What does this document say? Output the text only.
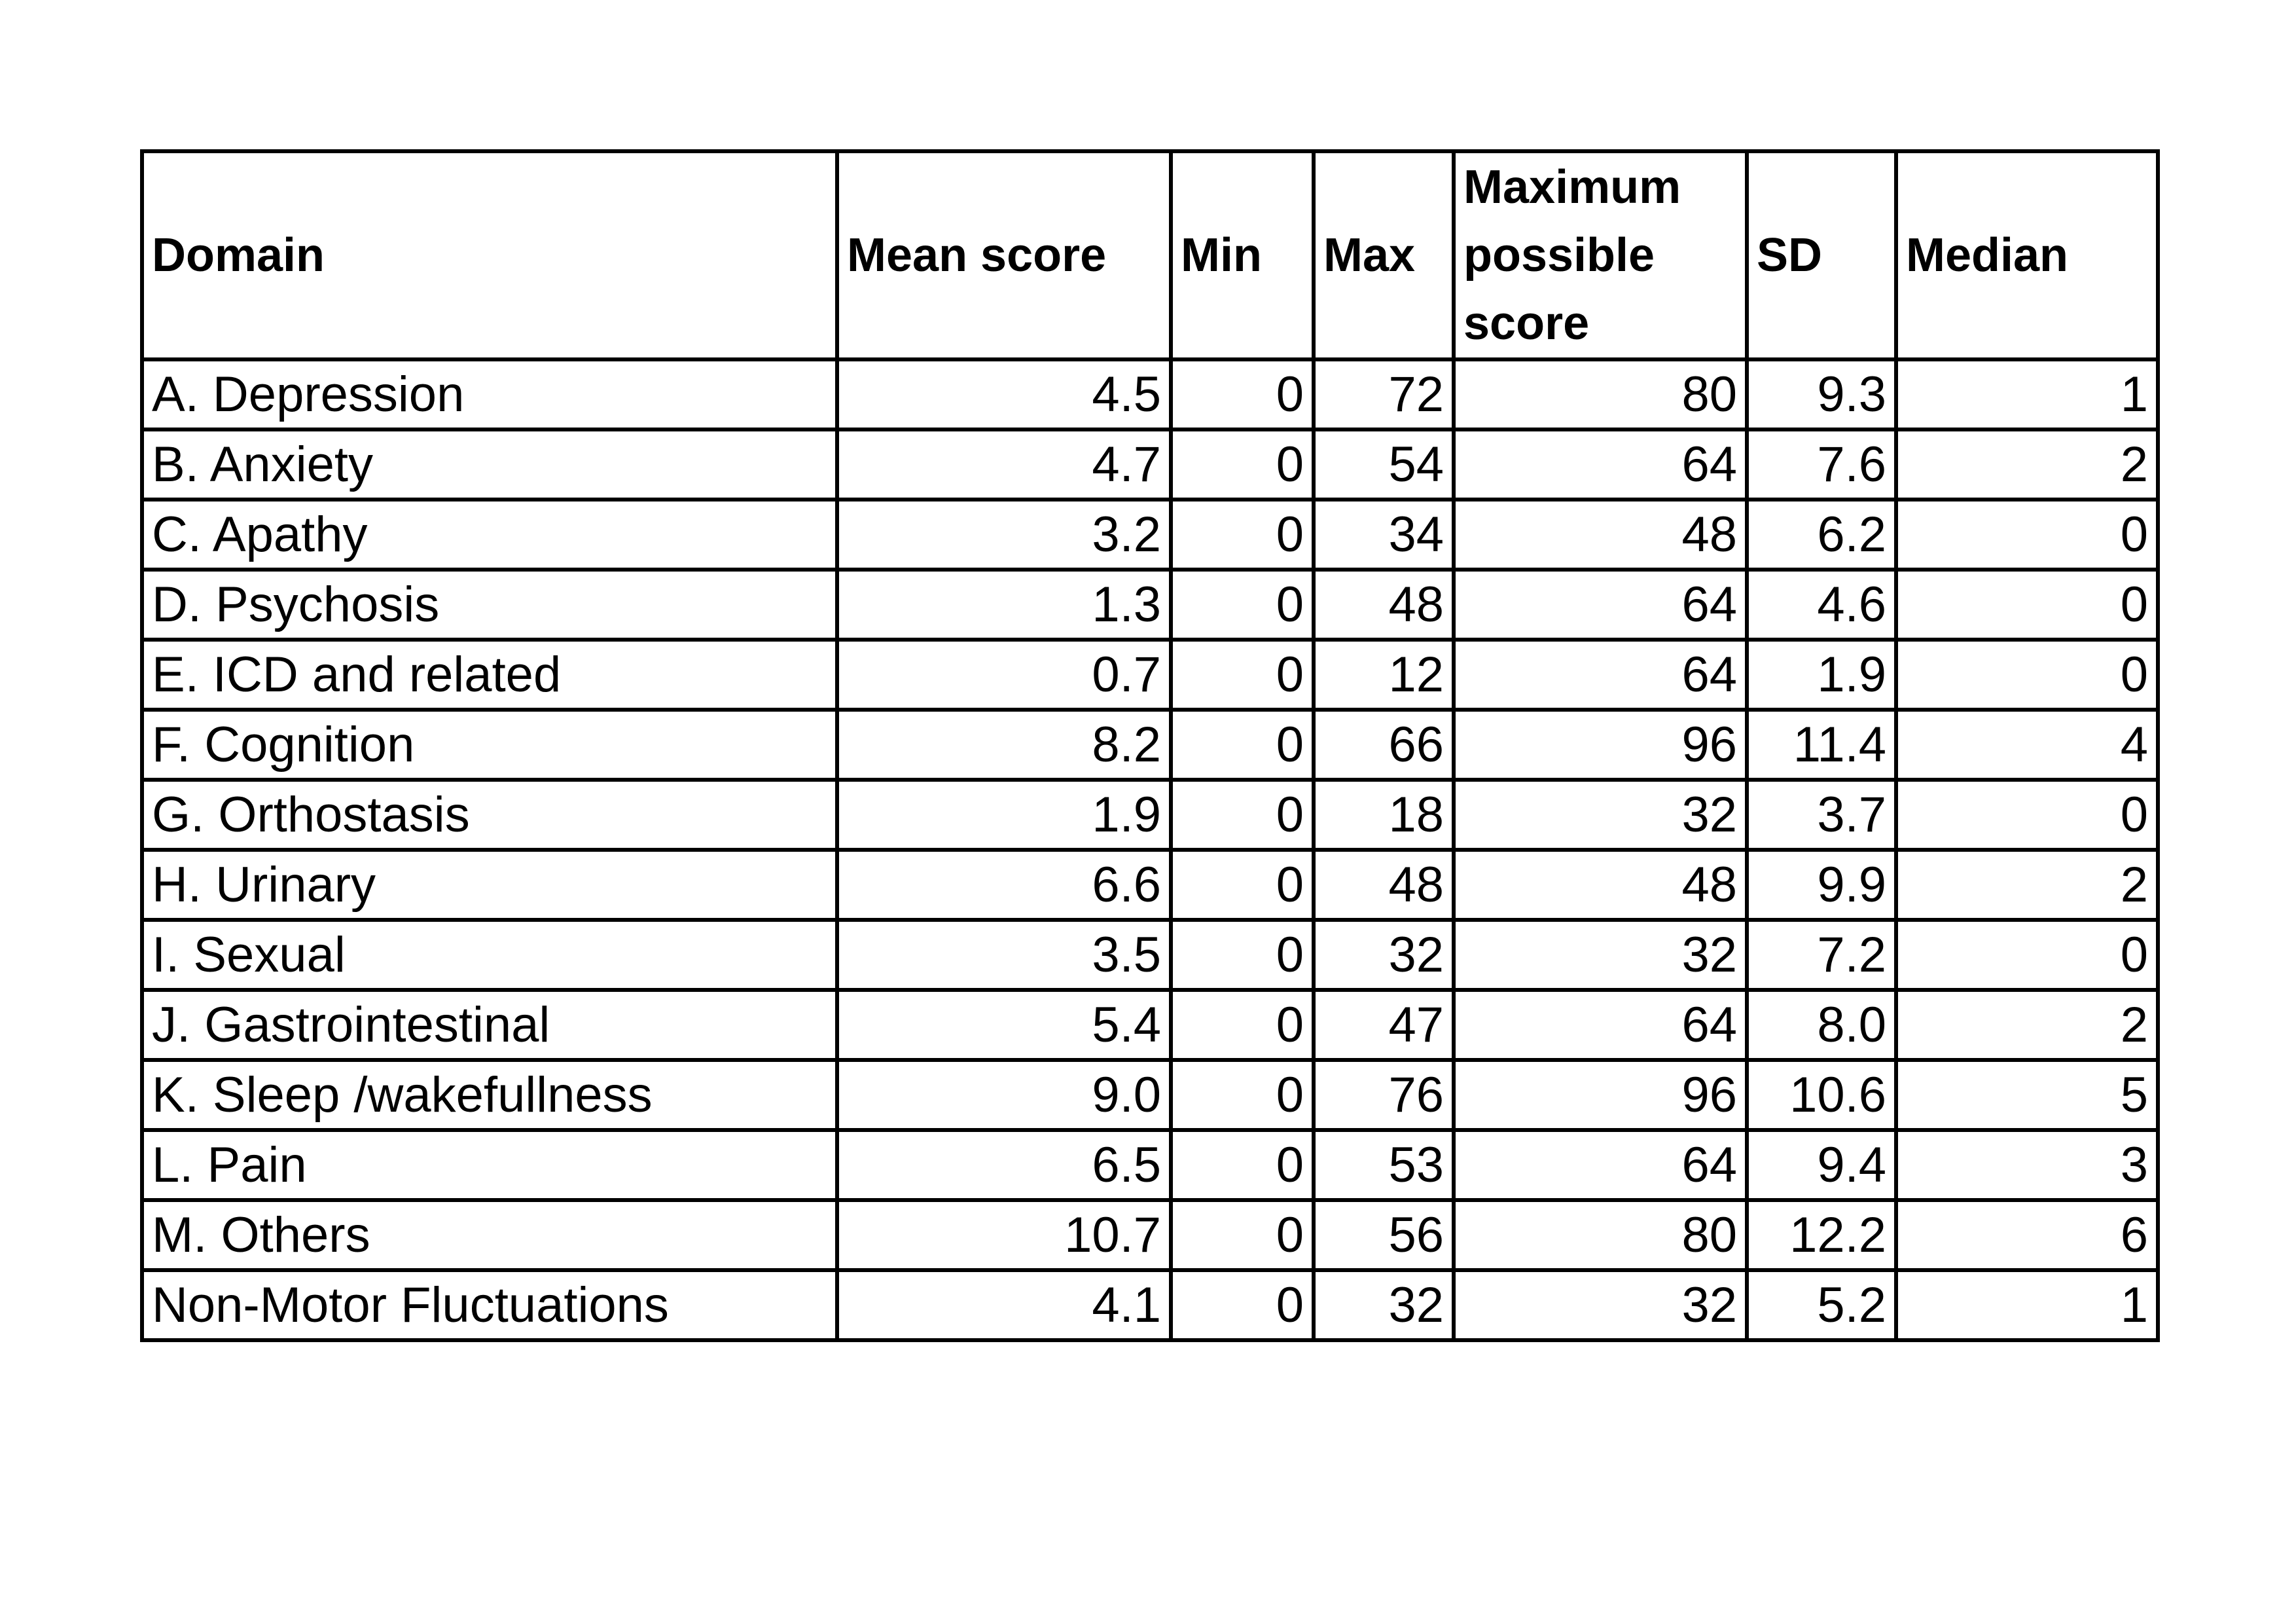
Domain	Mean score	Min	Max	Maximum possible score	SD	Median
A. Depression	4.5	0	72	80	9.3	1
B. Anxiety	4.7	0	54	64	7.6	2
C. Apathy	3.2	0	34	48	6.2	0
D. Psychosis	1.3	0	48	64	4.6	0
E. ICD and related	0.7	0	12	64	1.9	0
F. Cognition	8.2	0	66	96	11.4	4
G. Orthostasis	1.9	0	18	32	3.7	0
H. Urinary	6.6	0	48	48	9.9	2
I. Sexual	3.5	0	32	32	7.2	0
J. Gastrointestinal	5.4	0	47	64	8.0	2
K. Sleep /wakefullness	9.0	0	76	96	10.6	5
L. Pain	6.5	0	53	64	9.4	3
M. Others	10.7	0	56	80	12.2	6
Non-Motor Fluctuations	4.1	0	32	32	5.2	1
